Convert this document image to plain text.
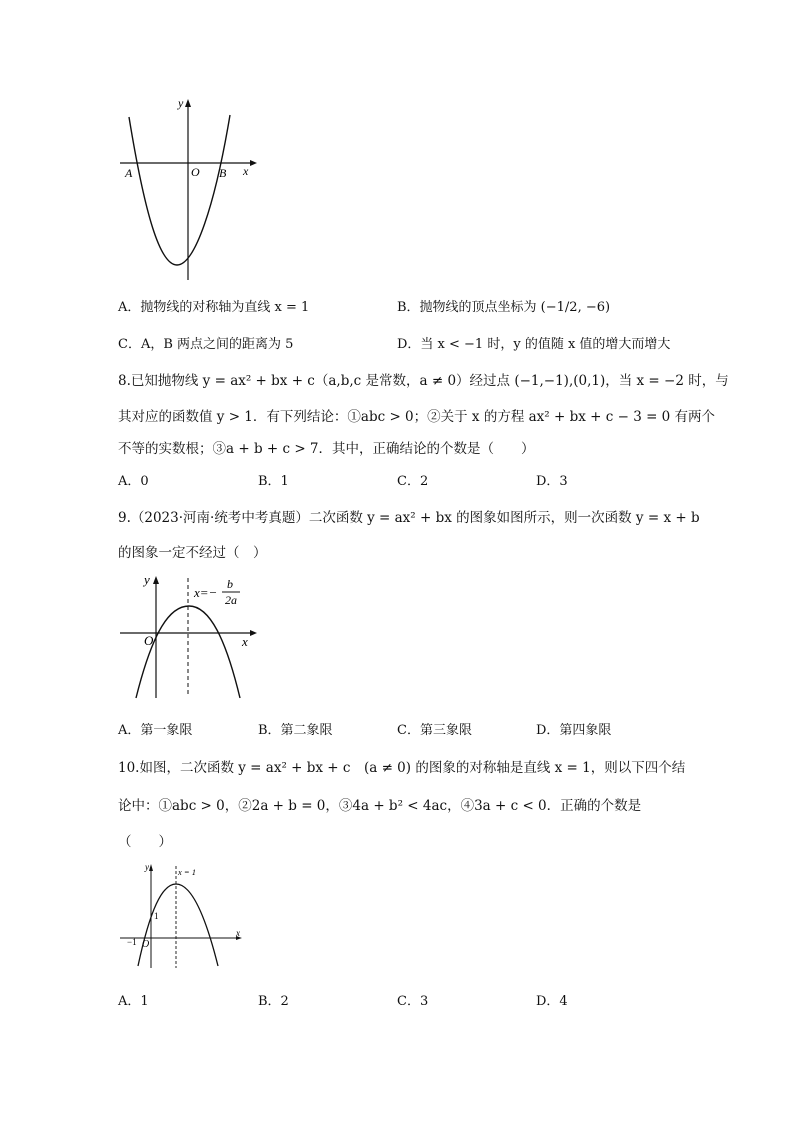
y
x
A	O B
A．抛物线的对称轴为直线 x = 1	B．抛物线的顶点坐标为 (−1/2, −6)
C．A，B 两点之间的距离为 5	D．当 x < −1 时，y 的值随 x 值的增大而增大
8.已知抛物线 y = ax² + bx + c（a,b,c 是常数，a ≠ 0）经过点 (−1,−1),(0,1)，当 x = −2 时，与
其对应的函数值 y > 1．有下列结论：①abc > 0；②关于 x 的方程 ax² + bx + c − 3 = 0 有两个
不等的实数根；③a + b + c > 7．其中，正确结论的个数是（　　）
A．0	B．1	C．2	D．3
9.（2023·河南·统考中考真题）二次函数 y = ax² + bx 的图象如图所示，则一次函数 y = x + b
的图象一定不经过（　）
y
x
O
x=−
b
2a
A．第一象限	B．第二象限	C．第三象限	D．第四象限
10.如图，二次函数 y = ax² + bx + c　(a ≠ 0) 的图象的对称轴是直线 x = 1，则以下四个结
论中：①abc > 0，②2a + b = 0，③4a + b² < 4ac，④3a + c < 0．正确的个数是
（　　）
y
x
x = 1
O
−1
1
A．1	B．2	C．3	D．4
